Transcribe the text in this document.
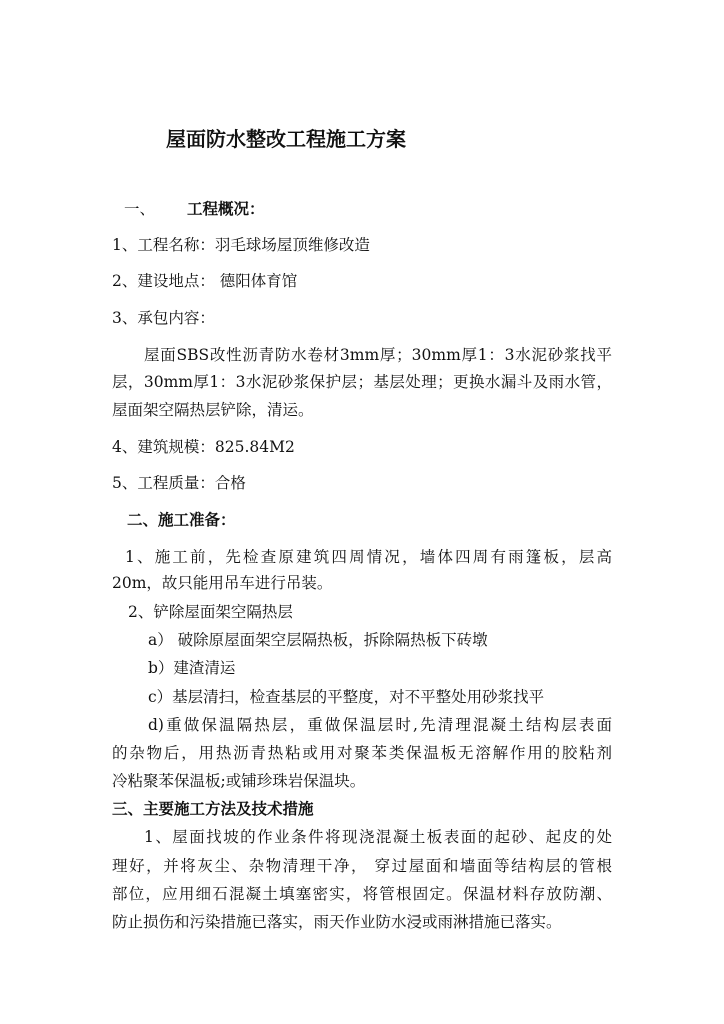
屋面防水整改工程施工方案
一、 工程概况：
1、工程名称：羽毛球场屋顶维修改造
2、建设地点： 德阳体育馆
3、承包内容：
屋面SBS改性沥青防水卷材3mm厚；30mm厚1：3水泥砂浆找平
层，30mm厚1：3水泥砂浆保护层；基层处理；更换水漏斗及雨水管，
屋面架空隔热层铲除，清运。
4、建筑规模：825.84M2
5、工程质量：合格
二、施工准备：
1、施工前，先检查原建筑四周情况，墙体四周有雨篷板，层高
20m，故只能用吊车进行吊装。
2、铲除屋面架空隔热层
a） 破除原屋面架空层隔热板，拆除隔热板下砖墩
b）建渣清运
c）基层清扫，检查基层的平整度，对不平整处用砂浆找平
d)重做保温隔热层，重做保温层时,先清理混凝土结构层表面
的杂物后，用热沥青热粘或用对聚苯类保温板无溶解作用的胶粘剂
冷粘聚苯保温板;或铺珍珠岩保温块。
三、主要施工方法及技术措施
1、屋面找坡的作业条件将现浇混凝土板表面的起砂、起皮的处
理好，并将灰尘、杂物清理干净， 穿过屋面和墙面等结构层的管根
部位，应用细石混凝土填塞密实，将管根固定。保温材料存放防潮、
防止损伤和污染措施已落实，雨天作业防水浸或雨淋措施已落实。
